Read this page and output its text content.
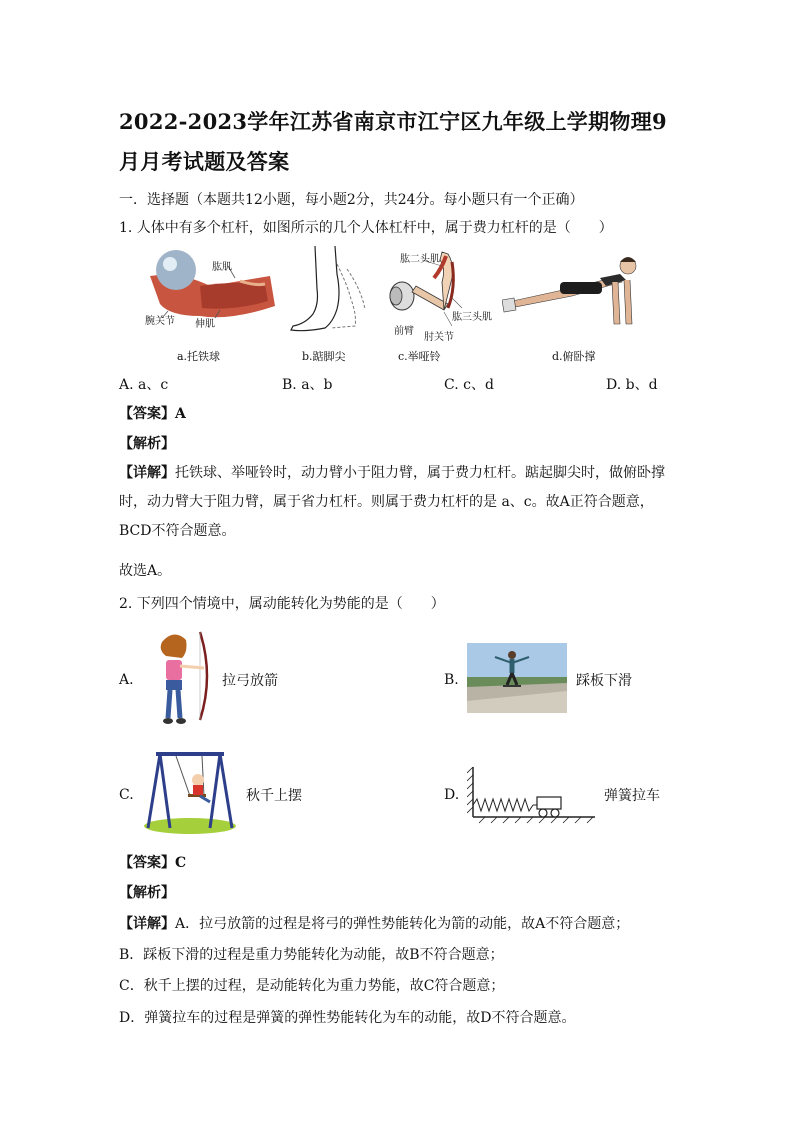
2022-2023学年江苏省南京市江宁区九年级上学期物理9月月考试题及答案
一．选择题（本题共12小题，每小题2分，共24分。每小题只有一个正确）
1. 人体中有多个杠杆，如图所示的几个人体杠杆中，属于费力杠杆的是（　　）
肱肌
腕关节 伸肌
肱二头肌
前臂
肱三头肌
肘关节
a.托铁球	b.踮脚尖	c.举哑铃	d.俯卧撑
A. a、c	B. a、b	C. c、d	D. b、d
【答案】A
【解析】
【详解】托铁球、举哑铃时，动力臂小于阻力臂，属于费力杠杆。踮起脚尖时，做俯卧撑时，动力臂大于阻力臂，属于省力杠杆。则属于费力杠杆的是 a、c。故A正符合题意，BCD不符合题意。
故选A。
2. 下列四个情境中，属动能转化为势能的是（　　）
A.	拉弓放箭	B.	踩板下滑
C.	秋千上摆	D.	弹簧拉车
【答案】C
【解析】
【详解】A．拉弓放箭的过程是将弓的弹性势能转化为箭的动能，故A不符合题意；
B．踩板下滑的过程是重力势能转化为动能，故B不符合题意；
C．秋千上摆的过程，是动能转化为重力势能，故C符合题意；
D．弹簧拉车的过程是弹簧的弹性势能转化为车的动能，故D不符合题意。
